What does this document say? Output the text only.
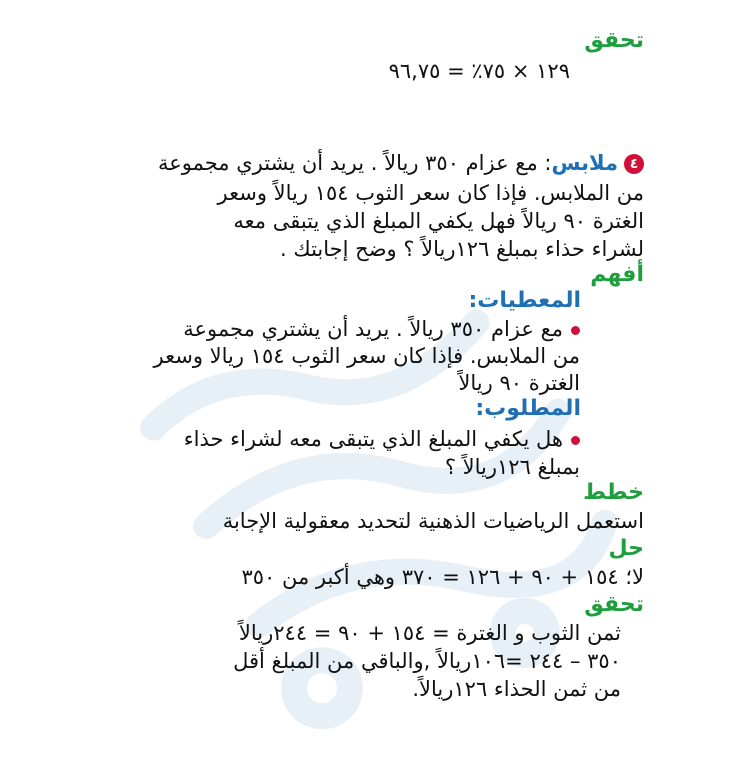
تحقق
١٢٩ × ٧٥٪ = ٩٦,٧٥
٤ملابس: مع عزام ٣٥٠ ريالاً . يريد أن يشتري مجموعة
من الملابس. فإذا كان سعر الثوب ١٥٤ ريالاً وسعر
الغترة ٩٠ ريالاً فهل يكفي المبلغ الذي يتبقى معه
لشراء حذاء بمبلغ ١٢٦ريالاً ؟ وضح إجابتك .
أفهم
المعطيات:
مع عزام ٣٥٠ ريالاً . يريد أن يشتري مجموعة
من الملابس. فإذا كان سعر الثوب ١٥٤ ريالا وسعر
الغترة ٩٠ ريالاً
المطلوب:
هل يكفي المبلغ الذي يتبقى معه لشراء حذاء
بمبلغ ١٢٦ريالاً ؟
خطط
استعمل الرياضيات الذهنية لتحديد معقولية الإجابة
حل
لا؛ ١٥٤ + ٩٠ + ١٢٦ = ٣٧٠ وهي أكبر من ٣٥٠
تحقق
ثمن الثوب و الغترة = ١٥٤ + ٩٠ = ٢٤٤ريالاً
٣٥٠ – ٢٤٤ =١٠٦ريالاً ,والباقي من المبلغ أقل
من ثمن الحذاء ١٢٦ريالاً.
